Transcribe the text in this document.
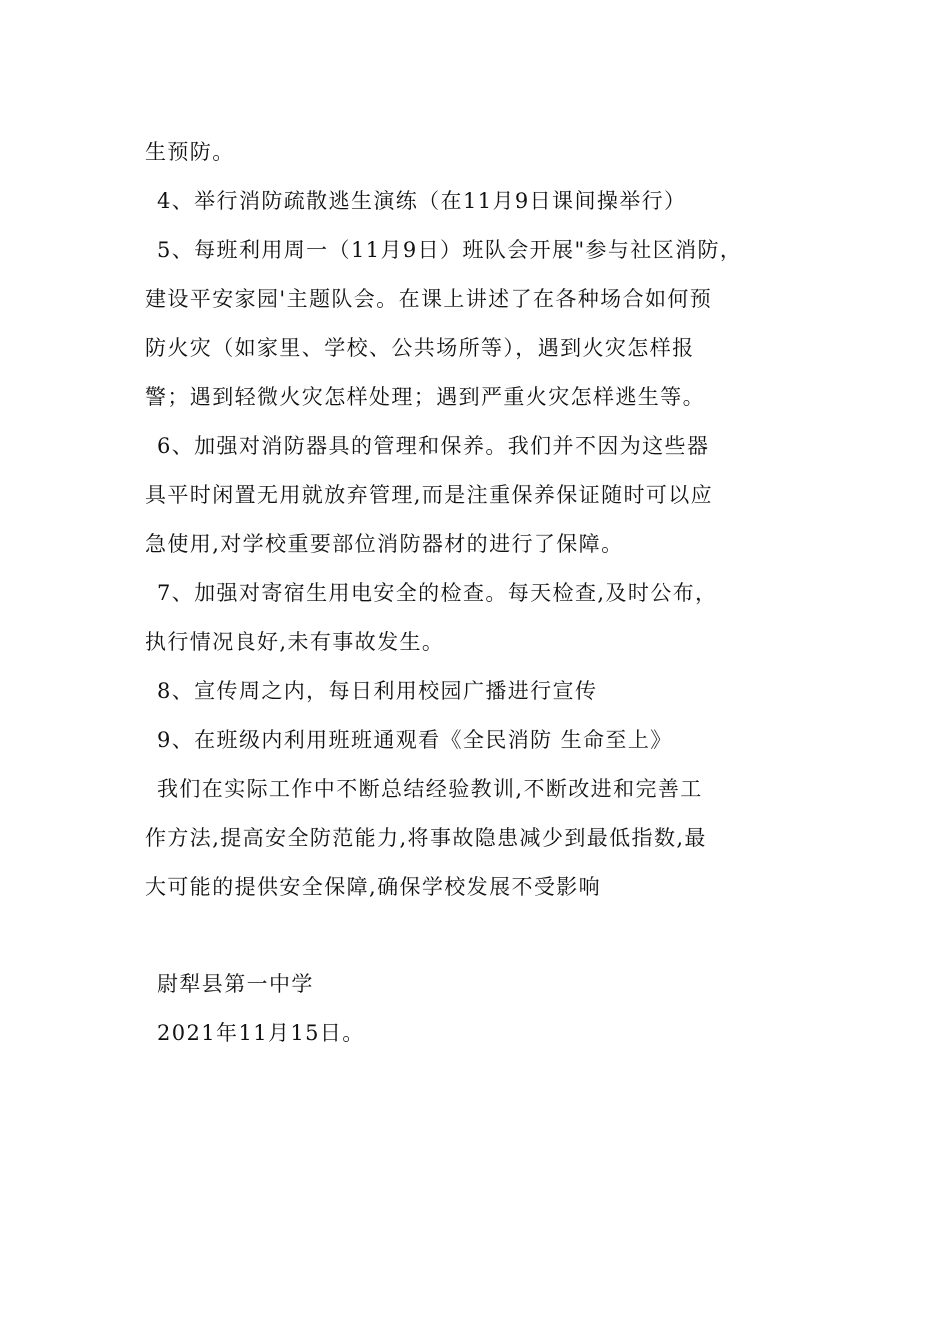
生预防。
4、举行消防疏散逃生演练（在11月9日课间操举行）
5、每班利用周一（11月9日）班队会开展"参与社区消防，
建设平安家园'主题队会。在课上讲述了在各种场合如何预
防火灾（如家里、学校、公共场所等），遇到火灾怎样报
警；遇到轻微火灾怎样处理；遇到严重火灾怎样逃生等。
6、加强对消防器具的管理和保养。我们并不因为这些器
具平时闲置无用就放弃管理,而是注重保养保证随时可以应
急使用,对学校重要部位消防器材的进行了保障。
7、加强对寄宿生用电安全的检查。每天检查,及时公布，
执行情况良好,未有事故发生。
8、宣传周之内，每日利用校园广播进行宣传
9、在班级内利用班班通观看《全民消防 生命至上》
我们在实际工作中不断总结经验教训,不断改进和完善工
作方法,提高安全防范能力,将事故隐患减少到最低指数,最
大可能的提供安全保障,确保学校发展不受影响
尉犁县第一中学
2021年11月15日。
